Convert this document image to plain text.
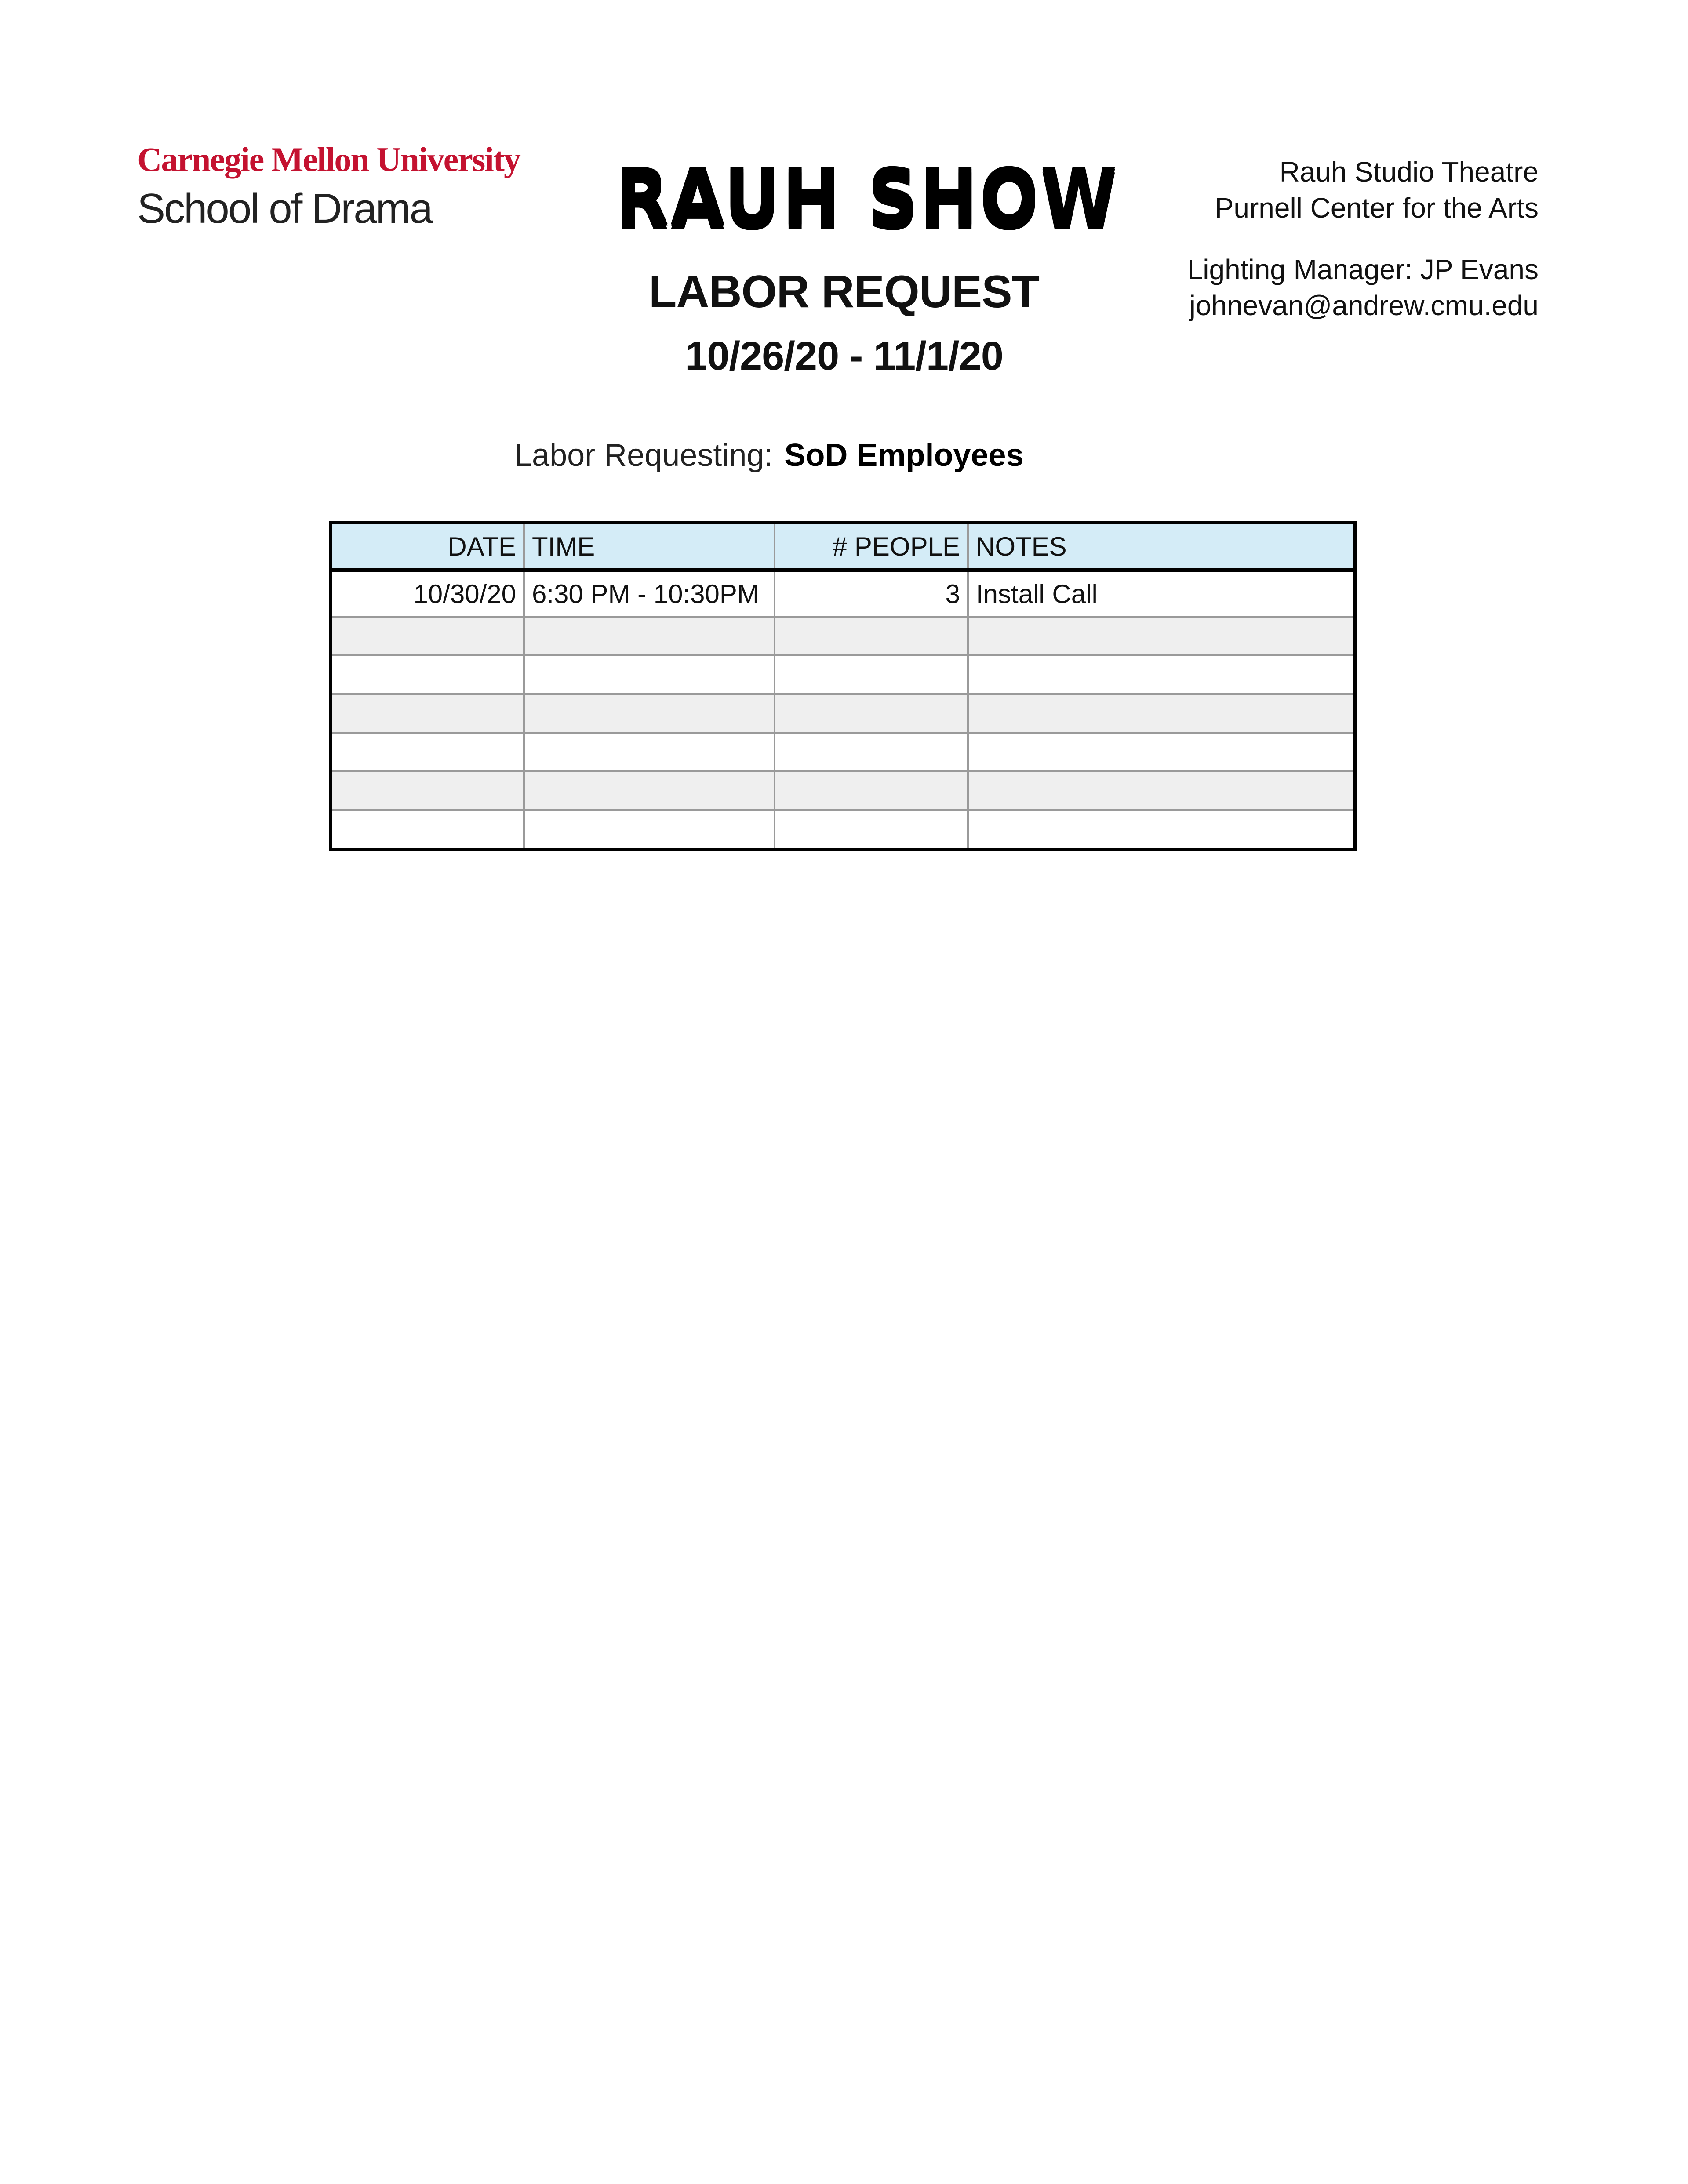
Carnegie Mellon University
School of Drama	RAUH SHOW
LABOR REQUEST
10/26/20 - 11/1/20
Rauh Studio Theatre
Purnell Center for the Arts
Lighting Manager: JP Evans
johnevan@andrew.cmu.edu
Labor Requesting: SoD Employees
DATE	TIME	# PEOPLE	NOTES
10/30/20	6:30 PM - 10:30PM	3	Install Call
